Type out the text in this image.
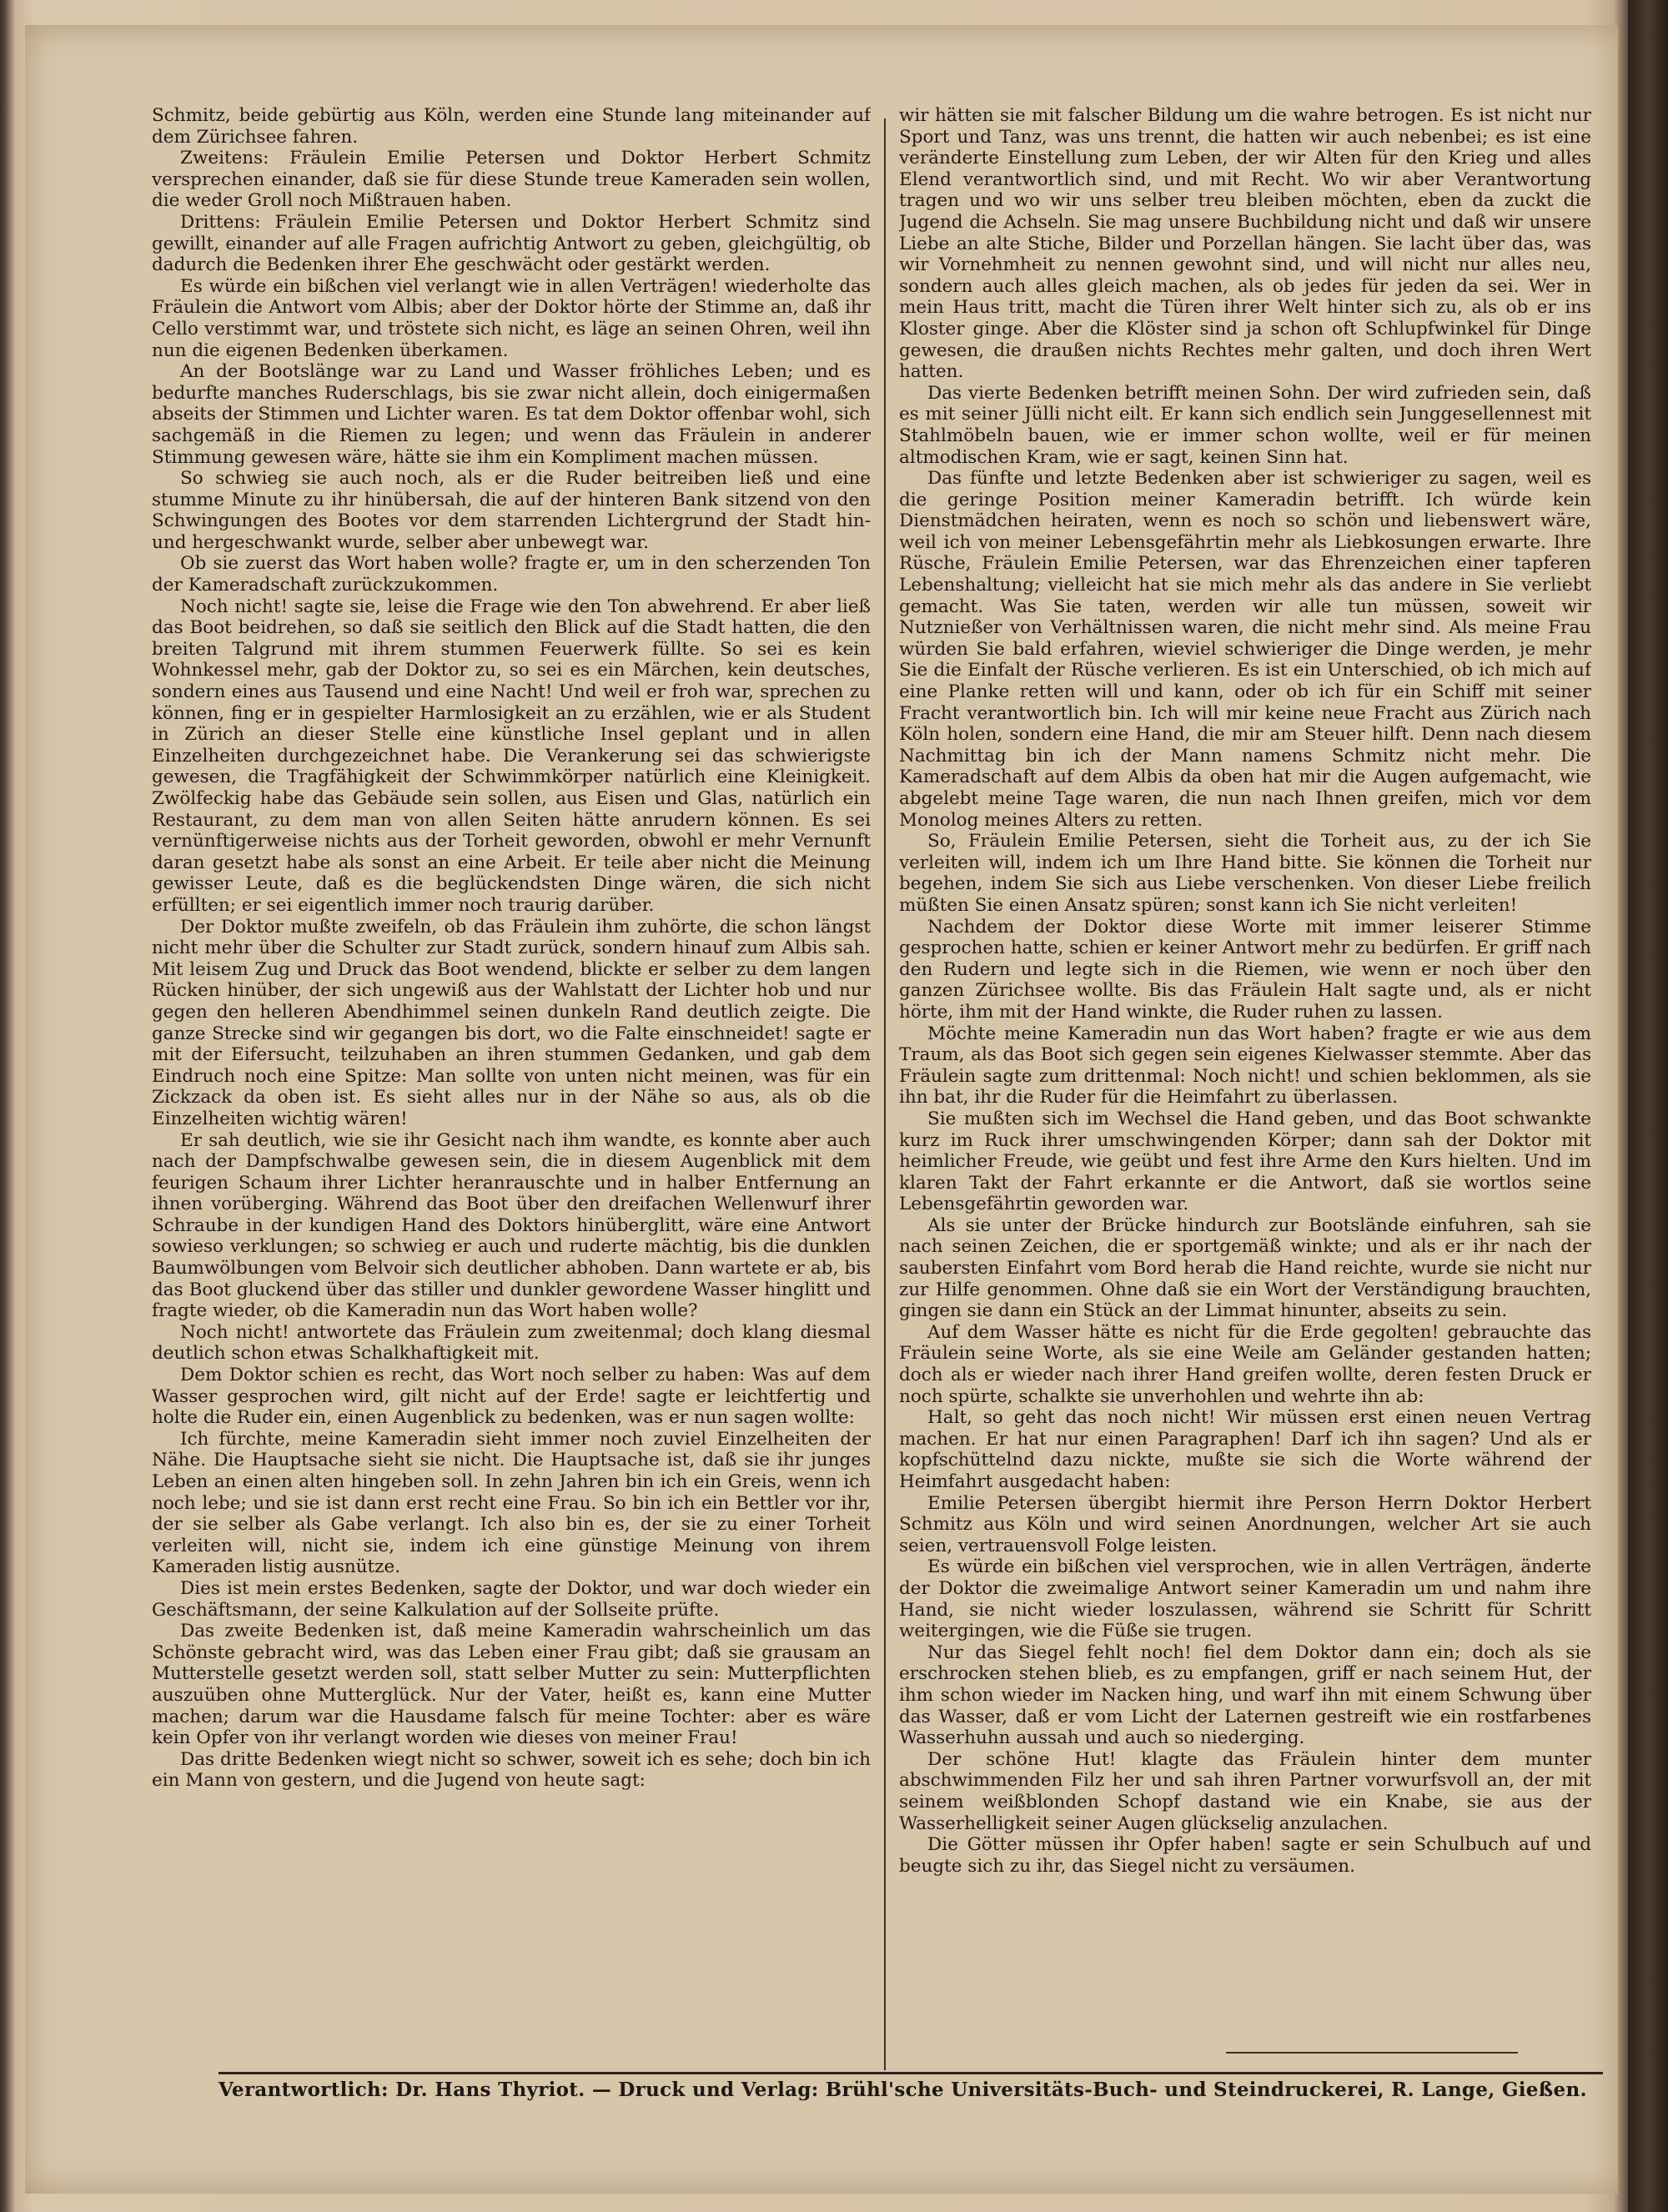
Schmitz, beide gebürtig aus Köln, werden eine Stunde lang miteinander auf dem Zürichsee fahren.

Zweitens: Fräulein Emilie Petersen und Doktor Herbert Schmitz versprechen einander, daß sie für diese Stunde treue Kameraden sein wollen, die weder Groll noch Mißtrauen haben.

Drittens: Fräulein Emilie Petersen und Doktor Herbert Schmitz sind gewillt, einander auf alle Fragen aufrichtig Antwort zu geben, gleichgültig, ob dadurch die Bedenken ihrer Ehe geschwächt oder gestärkt werden.

Es würde ein bißchen viel verlangt wie in allen Verträgen! wiederholte das Fräulein die Antwort vom Albis; aber der Doktor hörte der Stimme an, daß ihr Cello verstimmt war, und tröstete sich nicht, es läge an seinen Ohren, weil ihn nun die eigenen Bedenken überkamen.

An der Bootslänge war zu Land und Wasser fröhliches Leben; und es bedurfte manches Ruderschlags, bis sie zwar nicht allein, doch einigermaßen abseits der Stimmen und Lichter waren. Es tat dem Doktor offenbar wohl, sich sachgemäß in die Riemen zu legen; und wenn das Fräulein in anderer Stimmung gewesen wäre, hätte sie ihm ein Kompliment machen müssen.

So schwieg sie auch noch, als er die Ruder beitreiben ließ und eine stumme Minute zu ihr hinübersah, die auf der hinteren Bank sitzend von den Schwingungen des Bootes vor dem starrenden Lichtergrund der Stadt hin- und hergeschwankt wurde, selber aber unbewegt war.

Ob sie zuerst das Wort haben wolle? fragte er, um in den scherzenden Ton der Kameradschaft zurückzukommen.

Noch nicht! sagte sie, leise die Frage wie den Ton abwehrend. Er aber ließ das Boot beidrehen, so daß sie seitlich den Blick auf die Stadt hatten, die den breiten Talgrund mit ihrem stummen Feuerwerk füllte. So sei es kein Wohnkessel mehr, gab der Doktor zu, so sei es ein Märchen, kein deutsches, sondern eines aus Tausend und eine Nacht! Und weil er froh war, sprechen zu können, fing er in gespielter Harmlosigkeit an zu erzählen, wie er als Student in Zürich an dieser Stelle eine künstliche Insel geplant und in allen Einzelheiten durchgezeichnet habe. Die Verankerung sei das schwierigste gewesen, die Tragfähigkeit der Schwimmkörper natürlich eine Kleinigkeit. Zwölfeckig habe das Gebäude sein sollen, aus Eisen und Glas, natürlich ein Restaurant, zu dem man von allen Seiten hätte anrudern können. Es sei vernünftigerweise nichts aus der Torheit geworden, obwohl er mehr Vernunft daran gesetzt habe als sonst an eine Arbeit. Er teile aber nicht die Meinung gewisser Leute, daß es die beglückendsten Dinge wären, die sich nicht erfüllten; er sei eigentlich immer noch traurig darüber.

Der Doktor mußte zweifeln, ob das Fräulein ihm zuhörte, die schon längst nicht mehr über die Schulter zur Stadt zurück, sondern hinauf zum Albis sah. Mit leisem Zug und Druck das Boot wendend, blickte er selber zu dem langen Rücken hinüber, der sich ungewiß aus der Wahlstatt der Lichter hob und nur gegen den helleren Abendhimmel seinen dunkeln Rand deutlich zeigte. Die ganze Strecke sind wir gegangen bis dort, wo die Falte einschneidet! sagte er mit der Eifersucht, teilzuhaben an ihren stummen Gedanken, und gab dem Eindruch noch eine Spitze: Man sollte von unten nicht meinen, was für ein Zickzack da oben ist. Es sieht alles nur in der Nähe so aus, als ob die Einzelheiten wichtig wären!

Er sah deutlich, wie sie ihr Gesicht nach ihm wandte, es konnte aber auch nach der Dampfschwalbe gewesen sein, die in diesem Augenblick mit dem feurigen Schaum ihrer Lichter heranrauschte und in halber Entfernung an ihnen vorüberging. Während das Boot über den dreifachen Wellenwurf ihrer Schraube in der kundigen Hand des Doktors hinüberglitt, wäre eine Antwort sowieso verklungen; so schwieg er auch und ruderte mächtig, bis die dunklen Baumwölbungen vom Belvoir sich deutlicher abhoben. Dann wartete er ab, bis das Boot gluckend über das stiller und dunkler gewordene Wasser hinglitt und fragte wieder, ob die Kameradin nun das Wort haben wolle?

Noch nicht! antwortete das Fräulein zum zweitenmal; doch klang diesmal deutlich schon etwas Schalkhaftigkeit mit.

Dem Doktor schien es recht, das Wort noch selber zu haben: Was auf dem Wasser gesprochen wird, gilt nicht auf der Erde! sagte er leichtfertig und holte die Ruder ein, einen Augenblick zu bedenken, was er nun sagen wollte:

Ich fürchte, meine Kameradin sieht immer noch zuviel Einzelheiten der Nähe. Die Hauptsache sieht sie nicht. Die Hauptsache ist, daß sie ihr junges Leben an einen alten hingeben soll. In zehn Jahren bin ich ein Greis, wenn ich noch lebe; und sie ist dann erst recht eine Frau. So bin ich ein Bettler vor ihr, der sie selber als Gabe verlangt. Ich also bin es, der sie zu einer Torheit verleiten will, nicht sie, indem ich eine günstige Meinung von ihrem Kameraden listig ausnütze.

Dies ist mein erstes Bedenken, sagte der Doktor, und war doch wieder ein Geschäftsmann, der seine Kalkulation auf der Sollseite prüfte.

Das zweite Bedenken ist, daß meine Kameradin wahrscheinlich um das Schönste gebracht wird, was das Leben einer Frau gibt; daß sie grausam an Mutterstelle gesetzt werden soll, statt selber Mutter zu sein: Mutterpflichten auszuüben ohne Mutterglück. Nur der Vater, heißt es, kann eine Mutter machen; darum war die Hausdame falsch für meine Tochter: aber es wäre kein Opfer von ihr verlangt worden wie dieses von meiner Frau!

Das dritte Bedenken wiegt nicht so schwer, soweit ich es sehe; doch bin ich ein Mann von gestern, und die Jugend von heute sagt:

wir hätten sie mit falscher Bildung um die wahre betrogen. Es ist nicht nur Sport und Tanz, was uns trennt, die hatten wir auch nebenbei; es ist eine veränderte Einstellung zum Leben, der wir Alten für den Krieg und alles Elend verantwortlich sind, und mit Recht. Wo wir aber Verantwortung tragen und wo wir uns selber treu bleiben möchten, eben da zuckt die Jugend die Achseln. Sie mag unsere Buchbildung nicht und daß wir unsere Liebe an alte Stiche, Bilder und Porzellan hängen. Sie lacht über das, was wir Vornehmheit zu nennen gewohnt sind, und will nicht nur alles neu, sondern auch alles gleich machen, als ob jedes für jeden da sei. Wer in mein Haus tritt, macht die Türen ihrer Welt hinter sich zu, als ob er ins Kloster ginge. Aber die Klöster sind ja schon oft Schlupfwinkel für Dinge gewesen, die draußen nichts Rechtes mehr galten, und doch ihren Wert hatten.

Das vierte Bedenken betrifft meinen Sohn. Der wird zufrieden sein, daß es mit seiner Jülli nicht eilt. Er kann sich endlich sein Junggesellennest mit Stahlmöbeln bauen, wie er immer schon wollte, weil er für meinen altmodischen Kram, wie er sagt, keinen Sinn hat.

Das fünfte und letzte Bedenken aber ist schwieriger zu sagen, weil es die geringe Position meiner Kameradin betrifft. Ich würde kein Dienstmädchen heiraten, wenn es noch so schön und liebenswert wäre, weil ich von meiner Lebensgefährtin mehr als Liebkosungen erwarte. Ihre Rüsche, Fräulein Emilie Petersen, war das Ehrenzeichen einer tapferen Lebenshaltung; vielleicht hat sie mich mehr als das andere in Sie verliebt gemacht. Was Sie taten, werden wir alle tun müssen, soweit wir Nutznießer von Verhältnissen waren, die nicht mehr sind. Als meine Frau würden Sie bald erfahren, wieviel schwieriger die Dinge werden, je mehr Sie die Einfalt der Rüsche verlieren. Es ist ein Unterschied, ob ich mich auf eine Planke retten will und kann, oder ob ich für ein Schiff mit seiner Fracht verantwortlich bin. Ich will mir keine neue Fracht aus Zürich nach Köln holen, sondern eine Hand, die mir am Steuer hilft. Denn nach diesem Nachmittag bin ich der Mann namens Schmitz nicht mehr. Die Kameradschaft auf dem Albis da oben hat mir die Augen aufgemacht, wie abgelebt meine Tage waren, die nun nach Ihnen greifen, mich vor dem Monolog meines Alters zu retten.

So, Fräulein Emilie Petersen, sieht die Torheit aus, zu der ich Sie verleiten will, indem ich um Ihre Hand bitte. Sie können die Torheit nur begehen, indem Sie sich aus Liebe verschenken. Von dieser Liebe freilich müßten Sie einen Ansatz spüren; sonst kann ich Sie nicht verleiten!

Nachdem der Doktor diese Worte mit immer leiserer Stimme gesprochen hatte, schien er keiner Antwort mehr zu bedürfen. Er griff nach den Rudern und legte sich in die Riemen, wie wenn er noch über den ganzen Zürichsee wollte. Bis das Fräulein Halt sagte und, als er nicht hörte, ihm mit der Hand winkte, die Ruder ruhen zu lassen.

Möchte meine Kameradin nun das Wort haben? fragte er wie aus dem Traum, als das Boot sich gegen sein eigenes Kielwasser stemmte. Aber das Fräulein sagte zum drittenmal: Noch nicht! und schien beklommen, als sie ihn bat, ihr die Ruder für die Heimfahrt zu überlassen.

Sie mußten sich im Wechsel die Hand geben, und das Boot schwankte kurz im Ruck ihrer umschwingenden Körper; dann sah der Doktor mit heimlicher Freude, wie geübt und fest ihre Arme den Kurs hielten. Und im klaren Takt der Fahrt erkannte er die Antwort, daß sie wortlos seine Lebensgefährtin geworden war.

Als sie unter der Brücke hindurch zur Bootsländе einfuhren, sah sie nach seinen Zeichen, die er sportgemäß winkte; und als er ihr nach der saubersten Einfahrt vom Bord herab die Hand reichte, wurde sie nicht nur zur Hilfe genommen. Ohne daß sie ein Wort der Verständigung brauchten, gingen sie dann ein Stück an der Limmat hinunter, abseits zu sein.

Auf dem Wasser hätte es nicht für die Erde gegolten! gebrauchte das Fräulein seine Worte, als sie eine Weile am Geländer gestanden hatten; doch als er wieder nach ihrer Hand greifen wollte, deren festen Druck er noch spürte, schalkte sie unverhohlen und wehrte ihn ab:

Halt, so geht das noch nicht! Wir müssen erst einen neuen Vertrag machen. Er hat nur einen Paragraphen! Darf ich ihn sagen? Und als er kopfschüttelnd dazu nickte, mußte sie sich die Worte während der Heimfahrt ausgedacht haben:

Emilie Petersen übergibt hiermit ihre Person Herrn Doktor Herbert Schmitz aus Köln und wird seinen Anordnungen, welcher Art sie auch seien, vertrauensvoll Folge leisten.

Es würde ein bißchen viel versprochen, wie in allen Verträgen, änderte der Doktor die zweimalige Antwort seiner Kameradin um und nahm ihre Hand, sie nicht wieder loszulassen, während sie Schritt für Schritt weitergingen, wie die Füße sie trugen.

Nur das Siegel fehlt noch! fiel dem Doktor dann ein; doch als sie erschrocken stehen blieb, es zu empfangen, griff er nach seinem Hut, der ihm schon wieder im Nacken hing, und warf ihn mit einem Schwung über das Wasser, daß er vom Licht der Laternen gestreift wie ein rostfarbenes Wasserhuhn aussah und auch so niederging.

Der schöne Hut! klagte das Fräulein hinter dem munter abschwimmenden Filz her und sah ihren Partner vorwurfsvoll an, der mit seinem weißblonden Schopf dastand wie ein Knabe, sie aus der Wasserhelligkeit seiner Augen glückselig anzulachen.

Die Götter müssen ihr Opfer haben! sagte er sein Schulbuch auf und beugte sich zu ihr, das Siegel nicht zu versäumen.

Verantwortlich: Dr. Hans Thyriot. — Druck und Verlag: Brühl'sche Universitäts-Buch- und Steindruckerei, R. Lange, Gießen.
